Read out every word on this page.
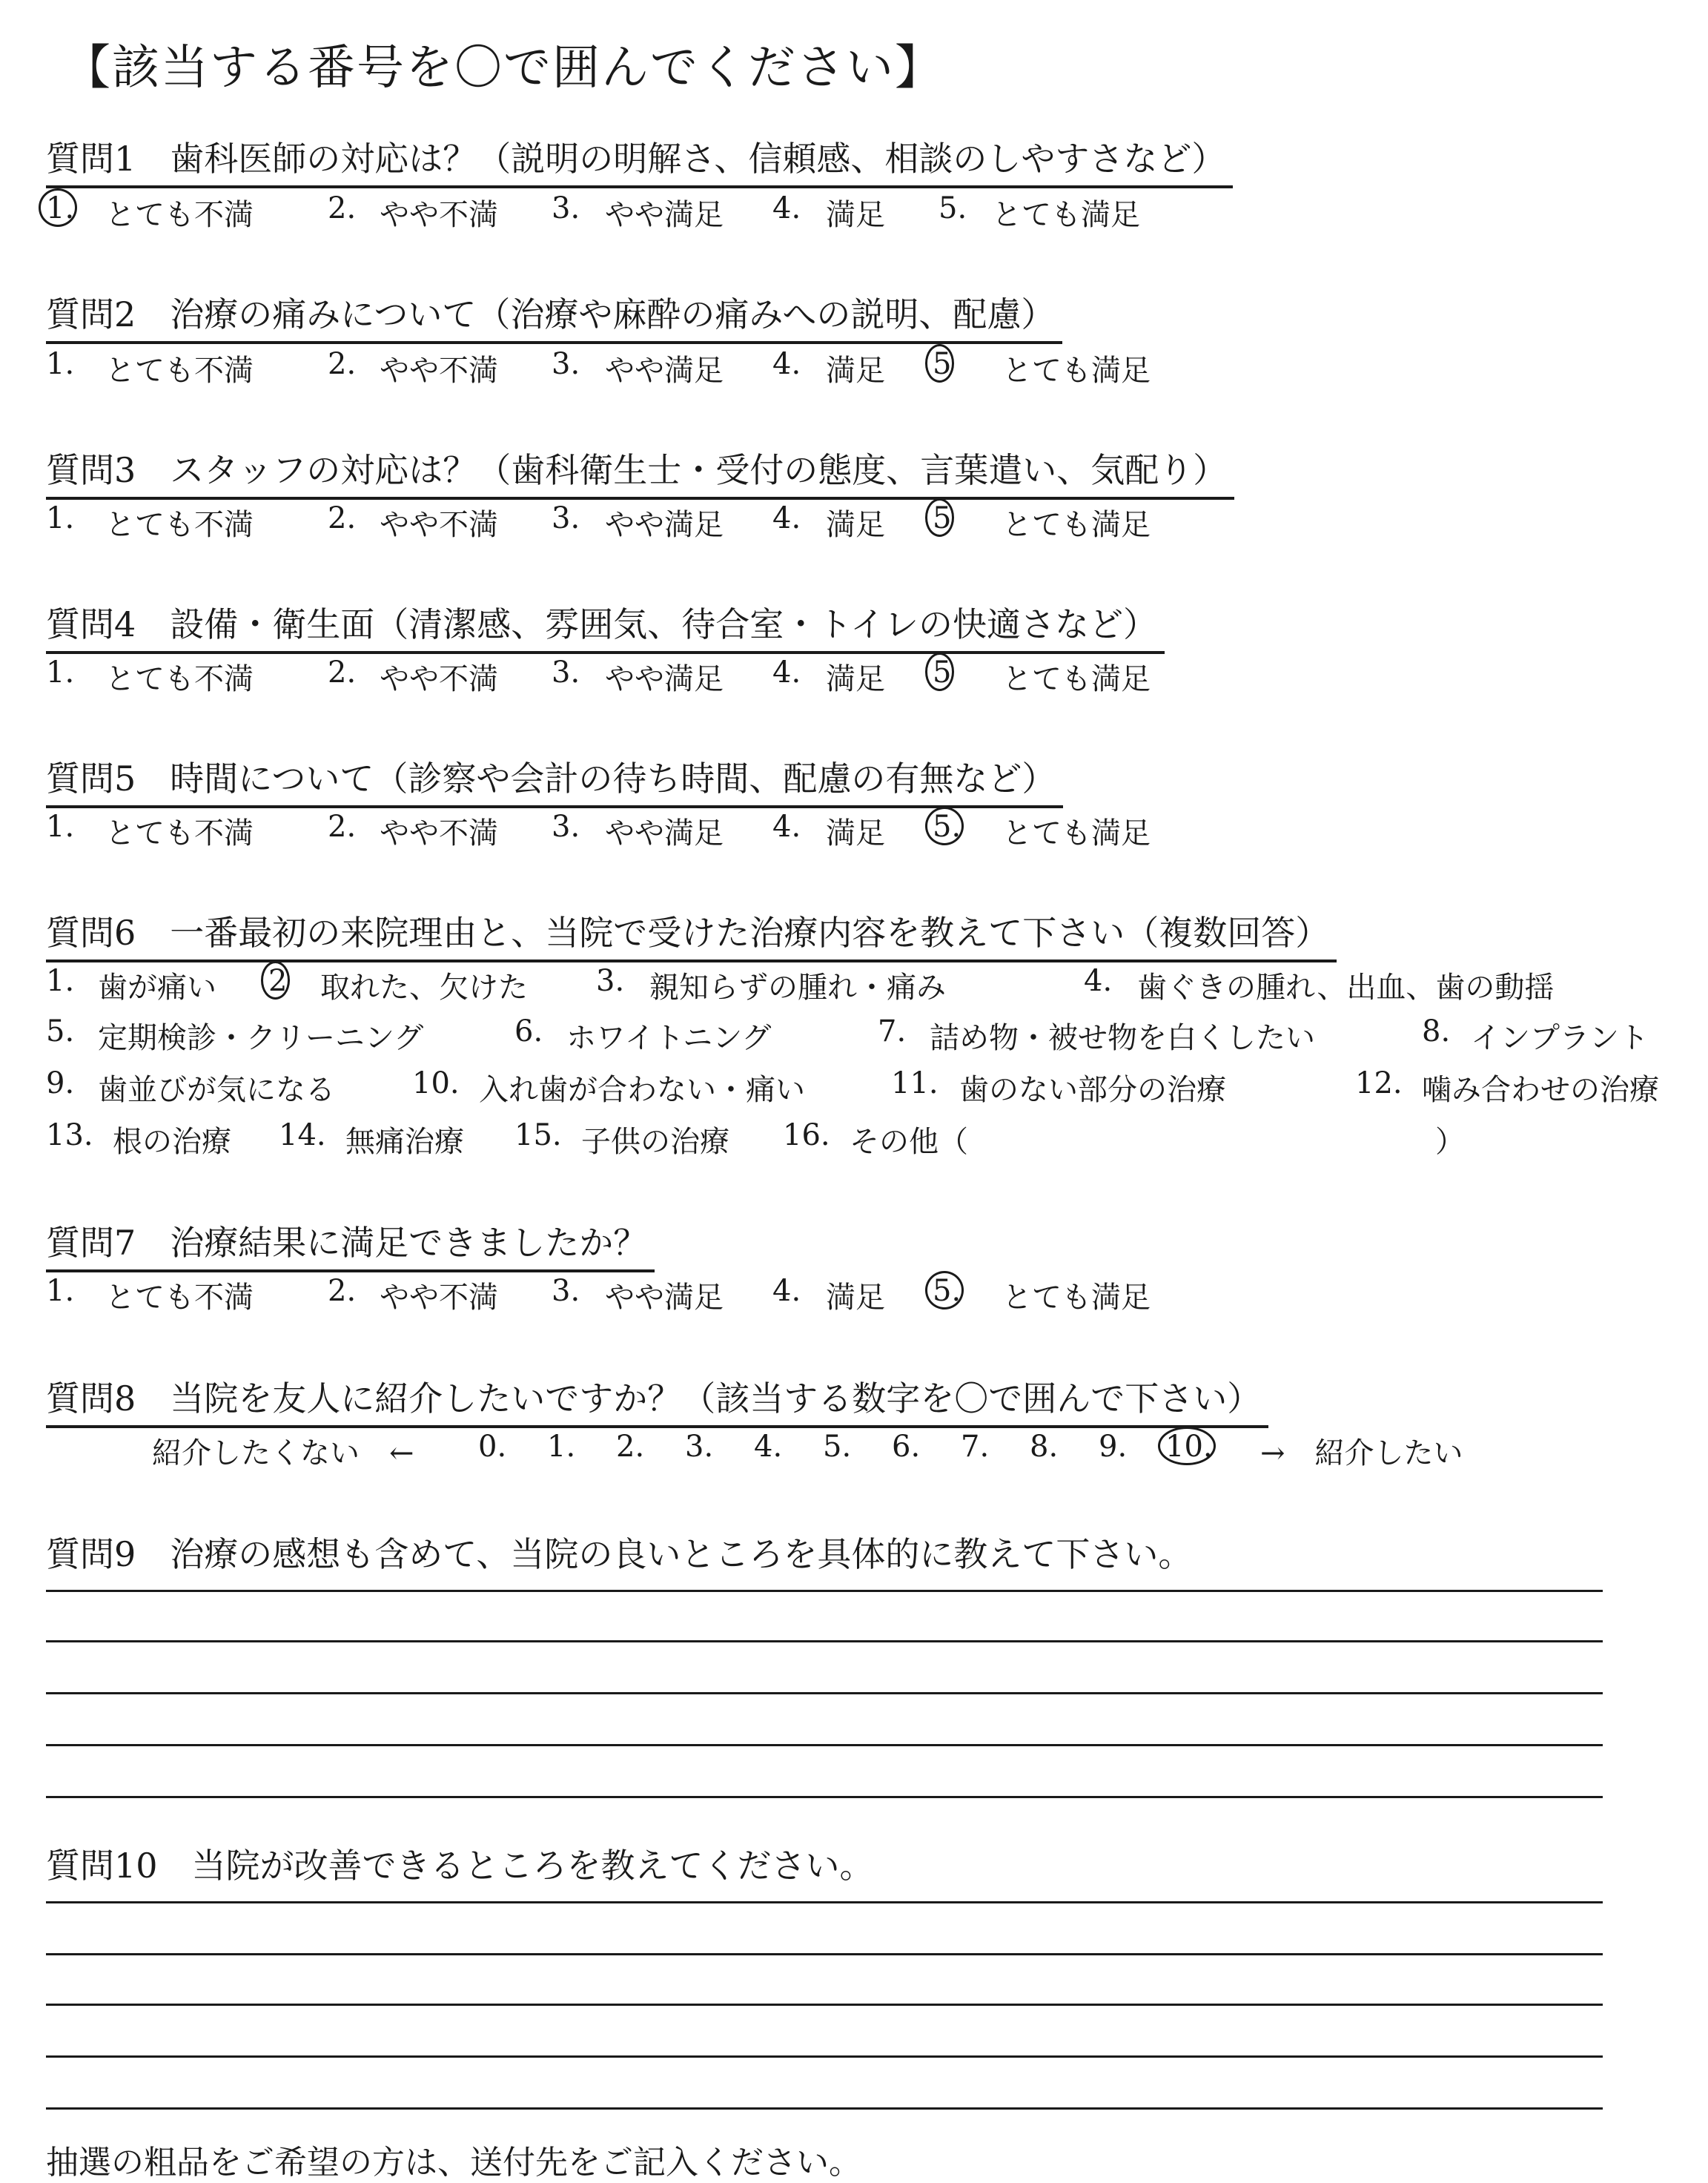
【該当する番号を〇で囲んでください】
質問1　歯科医師の対応は？（説明の明解さ、信頼感、相談のしやすさなど）
1.	とても不満	2. やや不満	3. やや満足	4. 満足	5. とても満足
質問2　治療の痛みについて（治療や麻酔の痛みへの説明、配慮）
1.	とても不満	2. やや不満	3. やや満足	4. 満足	5	とても満足
質問3　スタッフの対応は？（歯科衛生士・受付の態度、言葉遣い、気配り）
1.	とても不満	2. やや不満	3. やや満足	4. 満足	5	とても満足
質問4　設備・衛生面（清潔感、雰囲気、待合室・トイレの快適さなど）
1.	とても不満	2. やや不満	3. やや満足	4. 満足	5	とても満足
質問5　時間について（診察や会計の待ち時間、配慮の有無など）
1.	とても不満	2. やや不満	3. やや満足	4. 満足	5.	とても満足
質問6　一番最初の来院理由と、当院で受けた治療内容を教えて下さい（複数回答）
1. 歯が痛い	2	取れた、欠けた	3. 親知らずの腫れ・痛み	4. 歯ぐきの腫れ、出血、歯の動揺
5. 定期検診・クリーニング	6. ホワイトニング	7. 詰め物・被せ物を白くしたい	8. インプラント
9. 歯並びが気になる	10. 入れ歯が合わない・痛い	11. 歯のない部分の治療	12. 噛み合わせの治療
13. 根の治療	14. 無痛治療	15. 子供の治療	16. その他（	）
質問7　治療結果に満足できましたか？
1.	とても不満	2. やや不満	3. やや満足	4. 満足	5.	とても満足
質問8　当院を友人に紹介したいですか？（該当する数字を〇で囲んで下さい）
紹介したくない　←	0.	1.	2.	3.	4.	5.	6.	7.	8.	9.	10.	→　紹介したい
質問9　治療の感想も含めて、当院の良いところを具体的に教えて下さい。
質問10　当院が改善できるところを教えてください。
抽選の粗品をご希望の方は、送付先をご記入ください。
